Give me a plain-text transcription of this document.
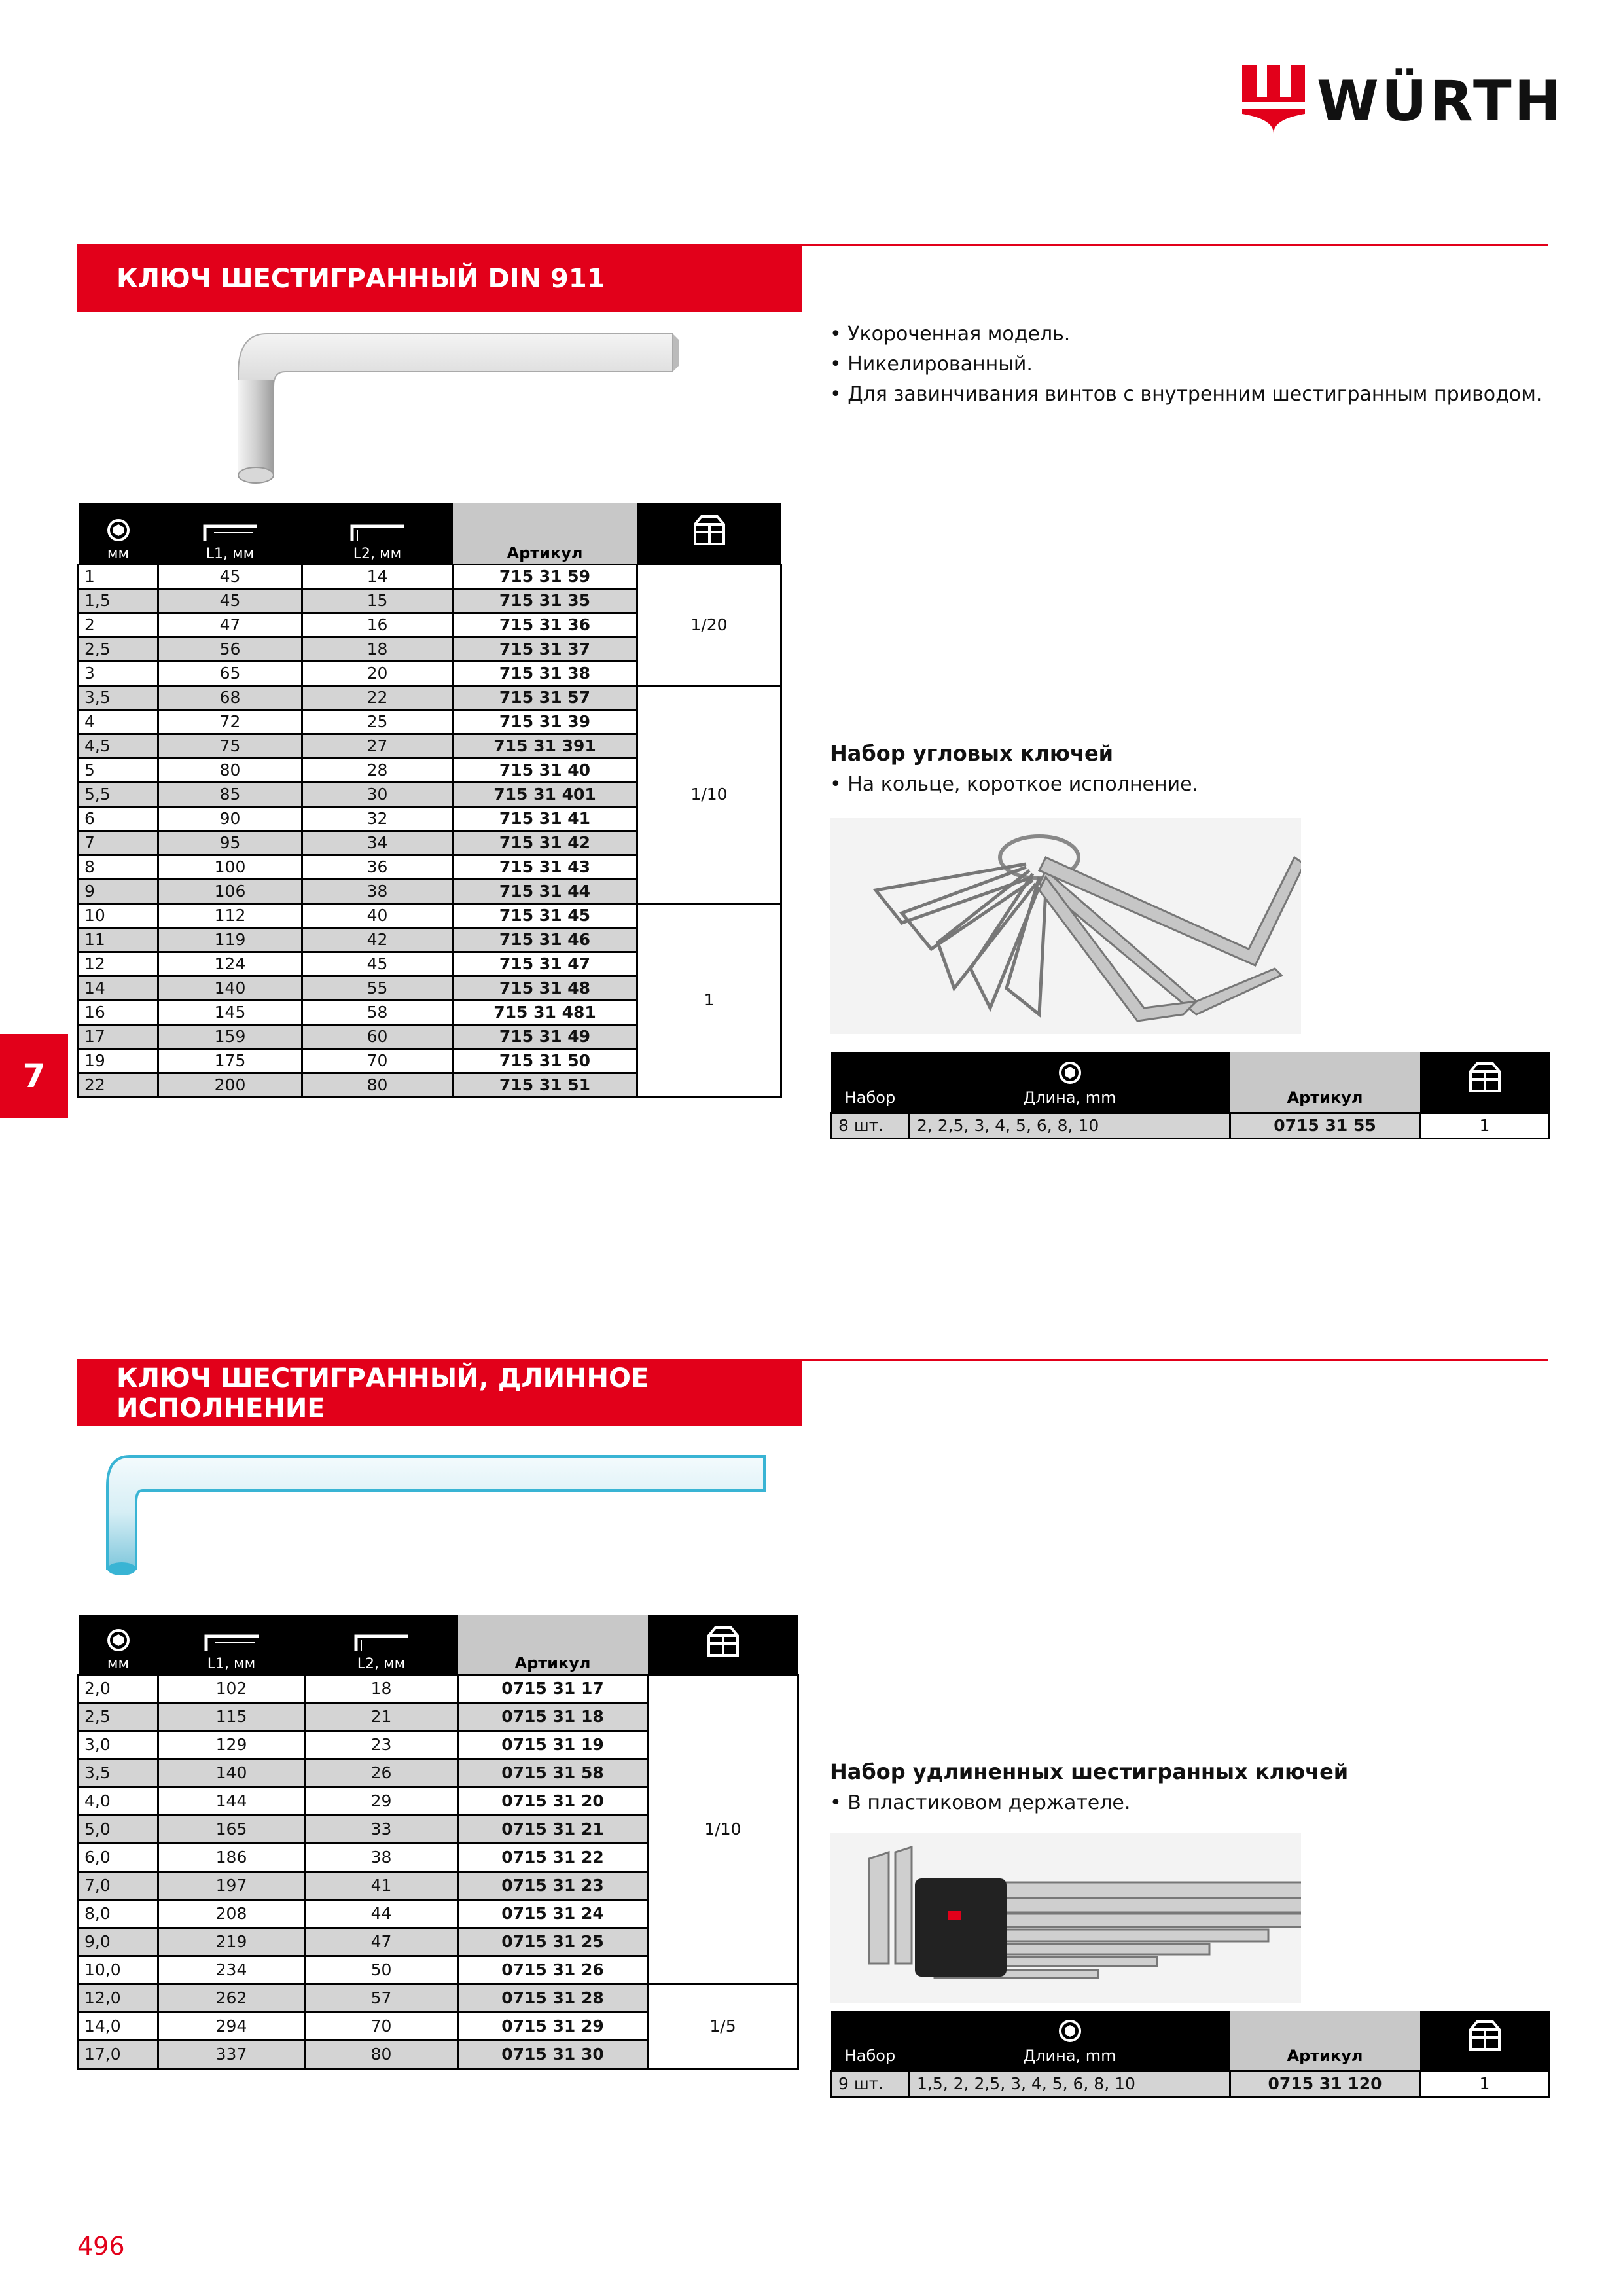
WÜRTH
КЛЮЧ ШЕСТИГРАННЫЙ DIN 911
• Укороченная модель.
• Никелированный.
• Для завинчивания винтов с внутренним шестигранным приводом.
мм	L1, мм	L2, мм	Артикул	
1	45	14	715 31 59	1/20
1,5	45	15	715 31 35	
2	47	16	715 31 36	
2,5	56	18	715 31 37	
3	65	20	715 31 38	
3,5	68	22	715 31 57	1/10
4	72	25	715 31 39	
4,5	75	27	715 31 391	
5	80	28	715 31 40	
5,5	85	30	715 31 401	
6	90	32	715 31 41	
7	95	34	715 31 42	
8	100	36	715 31 43	
9	106	38	715 31 44	
10	112	40	715 31 45	1
11	119	42	715 31 46	
12	124	45	715 31 47	
14	140	55	715 31 48	
16	145	58	715 31 481	
17	159	60	715 31 49	
19	175	70	715 31 50	
22	200	80	715 31 51	
7
Набор угловых ключей
• На кольце, короткое исполнение.
Набор	Длина, mm	Артикул	
8 шт.	2, 2,5, 3, 4, 5, 6, 8, 10	0715 31 55	1
КЛЮЧ ШЕСТИГРАННЫЙ, ДЛИННОЕ ИСПОЛНЕНИЕ
мм	L1, мм	L2, мм	Артикул	
2,0	102	18	0715 31 17	1/10
2,5	115	21	0715 31 18	
3,0	129	23	0715 31 19	
3,5	140	26	0715 31 58	
4,0	144	29	0715 31 20	
5,0	165	33	0715 31 21	
6,0	186	38	0715 31 22	
7,0	197	41	0715 31 23	
8,0	208	44	0715 31 24	
9,0	219	47	0715 31 25	
10,0	234	50	0715 31 26	
12,0	262	57	0715 31 28	1/5
14,0	294	70	0715 31 29	
17,0	337	80	0715 31 30	
Набор удлиненных шестигранных ключей
• В пластиковом держателе.
Набор	Длина, mm	Артикул	
9 шт.	1,5, 2, 2,5, 3, 4, 5, 6, 8, 10	0715 31 120	1
496
